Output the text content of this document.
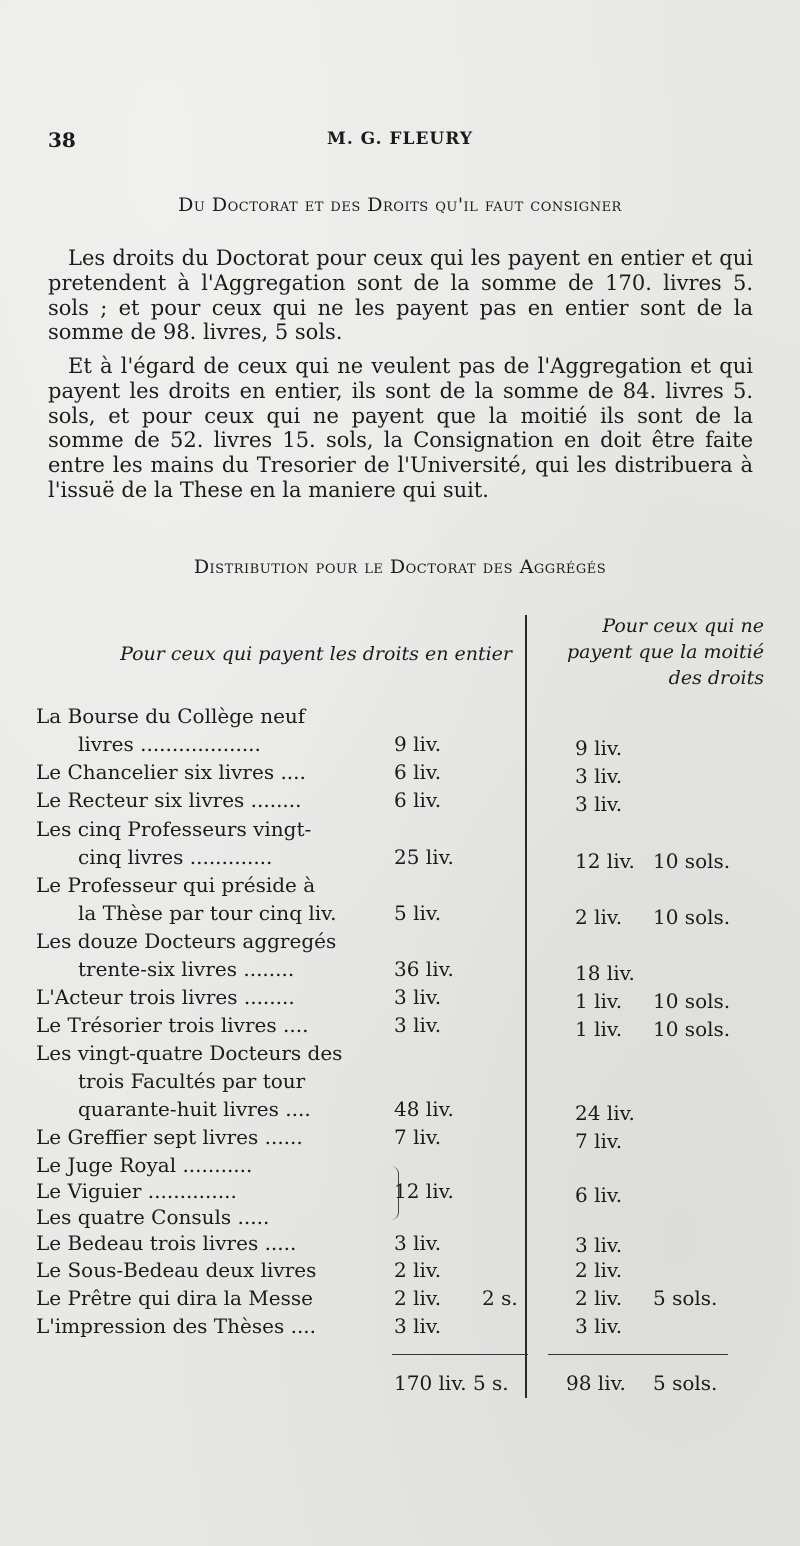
38	M. G. FLEURY
Du Doctorat et des Droits qu'il faut consigner
Les droits du Doctorat pour ceux qui les payent en entier et qui pretendent à l'Aggregation sont de la somme de 170. livres 5. sols ; et pour ceux qui ne les payent pas en entier sont de la somme de 98. livres, 5 sols.
Et à l'égard de ceux qui ne veulent pas de l'Aggregation et qui payent les droits en entier, ils sont de la somme de 84. livres 5. sols, et pour ceux qui ne payent que la moitié ils sont de la somme de 52. livres 15. sols, la Consignation en doit être faite entre les mains du Tresorier de l'Université, qui les distribuera à l'issuë de la These en la maniere qui suit.
Distribution pour le Doctorat des Aggrégés
Pour ceux qui payent les droits en entier
Pour ceux qui ne
payent que la moitié
des droits
La Bourse du Collège neuf
livres ...................	9 liv.	9 liv.
Le Chancelier six livres ....	6 liv.	3 liv.
Le Recteur six livres ........	6 liv.	3 liv.
Les cinq Professeurs vingt-
cinq livres .............	25 liv.	12 liv. 10 sols.
Le Professeur qui préside à
la Thèse par tour cinq liv.	5 liv.	2 liv. 10 sols.
Les douze Docteurs aggregés
trente-six livres ........	36 liv.	18 liv.
L'Acteur trois livres ........	3 liv.	1 liv. 10 sols.
Le Trésorier trois livres ....	3 liv.	1 liv. 10 sols.
Les vingt-quatre Docteurs des
trois Facultés par tour
quarante-huit livres ....	48 liv.	24 liv.
Le Greffier sept livres ......	7 liv.	7 liv.
Le Juge Royal ...........
Le Viguier ..............
Les quatre Consuls .....
12 liv.	6 liv.
Le Bedeau trois livres .....	3 liv.	3 liv.
Le Sous-Bedeau deux livres	2 liv.	2 liv.
Le Prêtre qui dira la Messe	2 liv. 2 s.	2 liv. 5 sols.
L'impression des Thèses ....	3 liv.	3 liv.
170 liv. 5 s.	98 liv. 5 sols.
